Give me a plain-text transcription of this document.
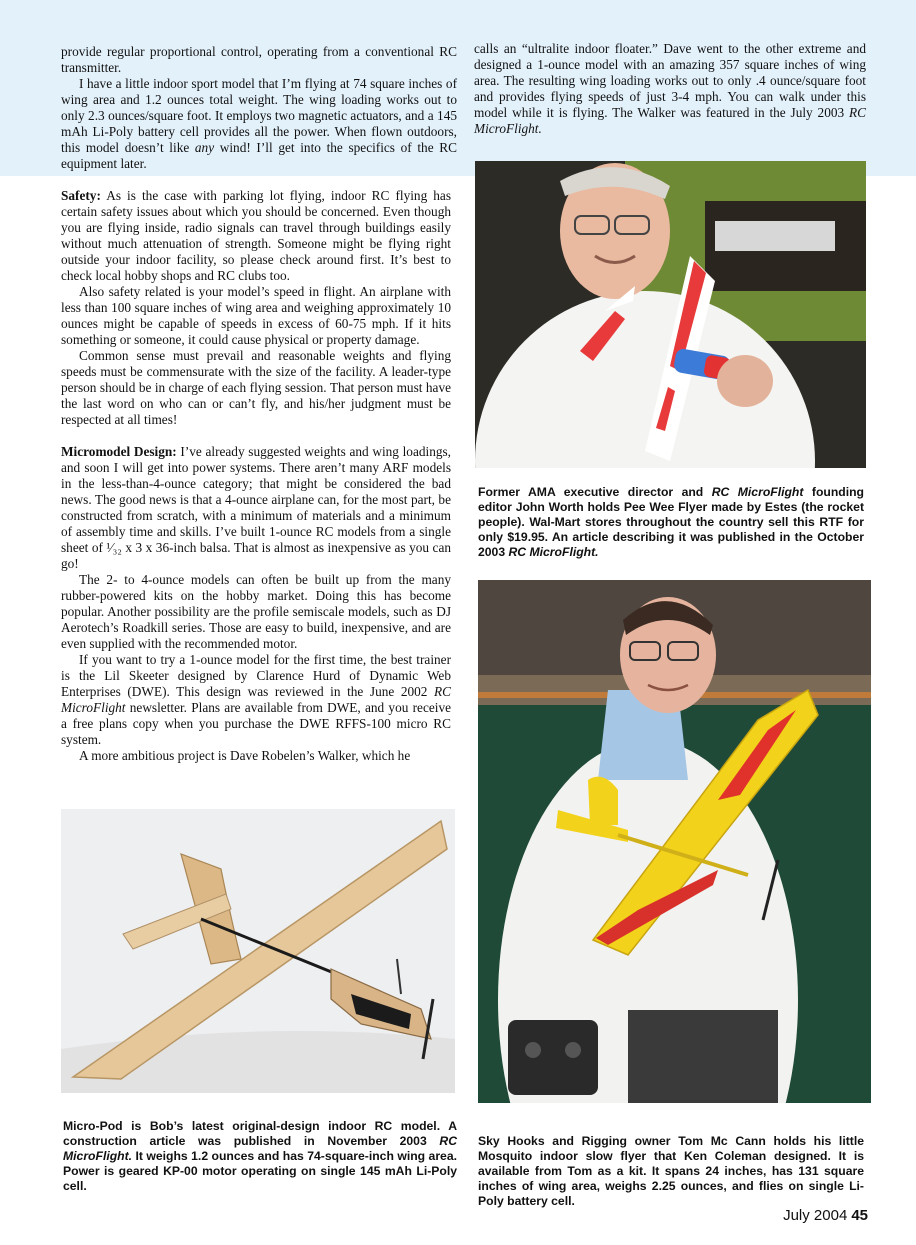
provide regular proportional control, operating from a conventional RC transmitter.

I have a little indoor sport model that I’m flying at 74 square inches of wing area and 1.2 ounces total weight. The wing loading works out to only 2.3 ounces/square foot. It employs two magnetic actuators, and a 145 mAh Li-Poly battery cell provides all the power. When flown outdoors, this model doesn’t like any wind! I’ll get into the specifics of the RC equipment later.

Safety: As is the case with parking lot flying, indoor RC flying has certain safety issues about which you should be concerned. Even though you are flying inside, radio signals can travel through buildings easily without much attenuation of strength. Someone might be flying right outside your indoor facility, so please check around first. It’s best to check local hobby shops and RC clubs too.

Also safety related is your model’s speed in flight. An airplane with less than 100 square inches of wing area and weighing approximately 10 ounces might be capable of speeds in excess of 60-75 mph. If it hits something or someone, it could cause physical or property damage.

Common sense must prevail and reasonable weights and flying speeds must be commensurate with the size of the facility. A leader-type person should be in charge of each flying session. That person must have the last word on who can or can’t fly, and his/her judgment must be respected at all times!

Micromodel Design: I’ve already suggested weights and wing loadings, and soon I will get into power systems. There aren’t many ARF models in the less-than-4-ounce category; that might be considered the bad news. The good news is that a 4-ounce airplane can, for the most part, be constructed from scratch, with a minimum of materials and a minimum of assembly time and skills. I’ve built 1-ounce RC models from a single sheet of ¹⁄₃₂ x 3 x 36-inch balsa. That is almost as inexpensive as you can go!

The 2- to 4-ounce models can often be built up from the many rubber-powered kits on the hobby market. Doing this has become popular. Another possibility are the profile semiscale models, such as DJ Aerotech’s Roadkill series. Those are easy to build, inexpensive, and are even supplied with the recommended motor.

If you want to try a 1-ounce model for the first time, the best trainer is the Lil Skeeter designed by Clarence Hurd of Dynamic Web Enterprises (DWE). This design was reviewed in the June 2002 RC MicroFlight newsletter. Plans are available from DWE, and you receive a free plans copy when you purchase the DWE RFFS-100 micro RC system.

A more ambitious project is Dave Robelen’s Walker, which he

calls an “ultralite indoor floater.” Dave went to the other extreme and designed a 1-ounce model with an amazing 357 square inches of wing area. The resulting wing loading works out to only .4 ounce/square foot and provides flying speeds of just 3-4 mph. You can walk under this model while it is flying. The Walker was featured in the July 2003 RC MicroFlight.

Former AMA executive director and RC MicroFlight founding editor John Worth holds Pee Wee Flyer made by Estes (the rocket people). Wal-Mart stores throughout the country sell this RTF for only $19.95. An article describing it was published in the October 2003 RC MicroFlight.
Micro-Pod is Bob’s latest original-design indoor RC model. A construction article was published in November 2003 RC MicroFlight. It weighs 1.2 ounces and has 74-square-inch wing area. Power is geared KP-00 motor operating on single 145 mAh Li-Poly cell.
Sky Hooks and Rigging owner Tom Mc Cann holds his little Mosquito indoor slow flyer that Ken Coleman designed. It is available from Tom as a kit. It spans 24 inches, has 131 square inches of wing area, weighs 2.25 ounces, and flies on single Li-Poly battery cell.
July 2004 45
